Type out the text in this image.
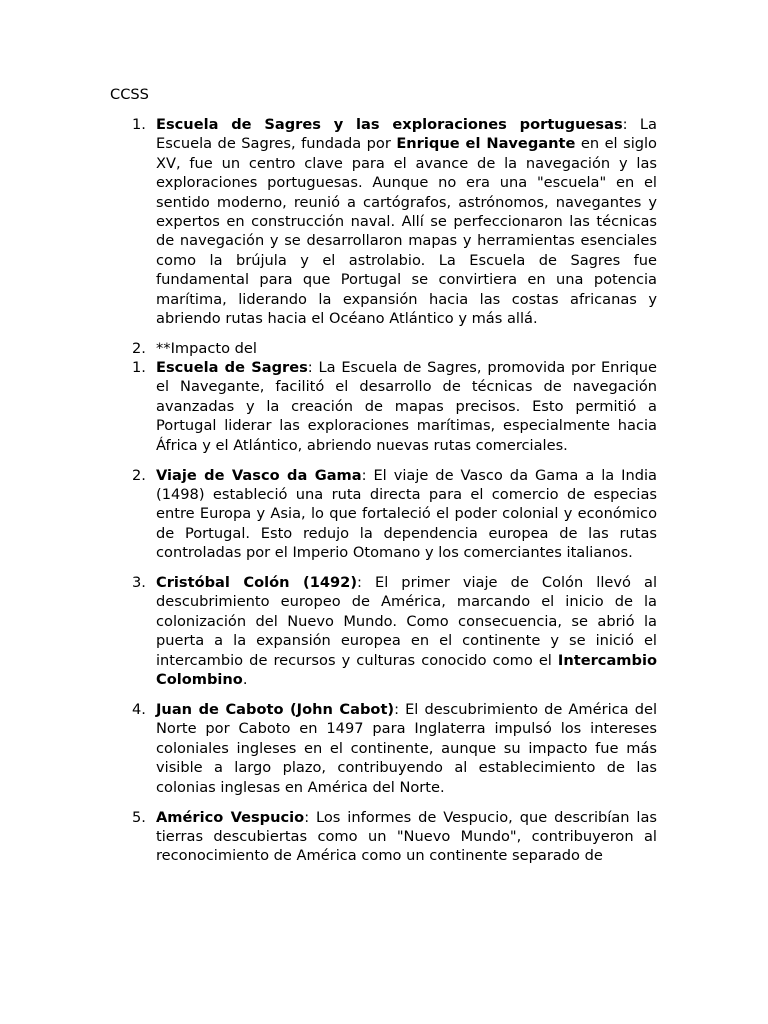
CCSS
1. Escuela de Sagres y las exploraciones portuguesas: La Escuela de Sagres, fundada por Enrique el Navegante en el siglo XV, fue un centro clave para el avance de la navegación y las exploraciones portuguesas. Aunque no era una "escuela" en el sentido moderno, reunió a cartógrafos, astrónomos, navegantes y expertos en construcción naval. Allí se perfeccionaron las técnicas de navegación y se desarrollaron mapas y herramientas esenciales como la brújula y el astrolabio. La Escuela de Sagres fue fundamental para que Portugal se convirtiera en una potencia marítima, liderando la expansión hacia las costas africanas y abriendo rutas hacia el Océano Atlántico y más allá.
2. **Impacto del
1. Escuela de Sagres: La Escuela de Sagres, promovida por Enrique el Navegante, facilitó el desarrollo de técnicas de navegación avanzadas y la creación de mapas precisos. Esto permitió a Portugal liderar las exploraciones marítimas, especialmente hacia África y el Atlántico, abriendo nuevas rutas comerciales.
2. Viaje de Vasco da Gama: El viaje de Vasco da Gama a la India (1498) estableció una ruta directa para el comercio de especias entre Europa y Asia, lo que fortaleció el poder colonial y económico de Portugal. Esto redujo la dependencia europea de las rutas controladas por el Imperio Otomano y los comerciantes italianos.
3. Cristóbal Colón (1492): El primer viaje de Colón llevó al descubrimiento europeo de América, marcando el inicio de la colonización del Nuevo Mundo. Como consecuencia, se abrió la puerta a la expansión europea en el continente y se inició el intercambio de recursos y culturas conocido como el Intercambio Colombino.
4. Juan de Caboto (John Cabot): El descubrimiento de América del Norte por Caboto en 1497 para Inglaterra impulsó los intereses coloniales ingleses en el continente, aunque su impacto fue más visible a largo plazo, contribuyendo al establecimiento de las colonias inglesas en América del Norte.
5. Américo Vespucio: Los informes de Vespucio, que describían las tierras descubiertas como un "Nuevo Mundo", contribuyeron al reconocimiento de América como un continente separado de
